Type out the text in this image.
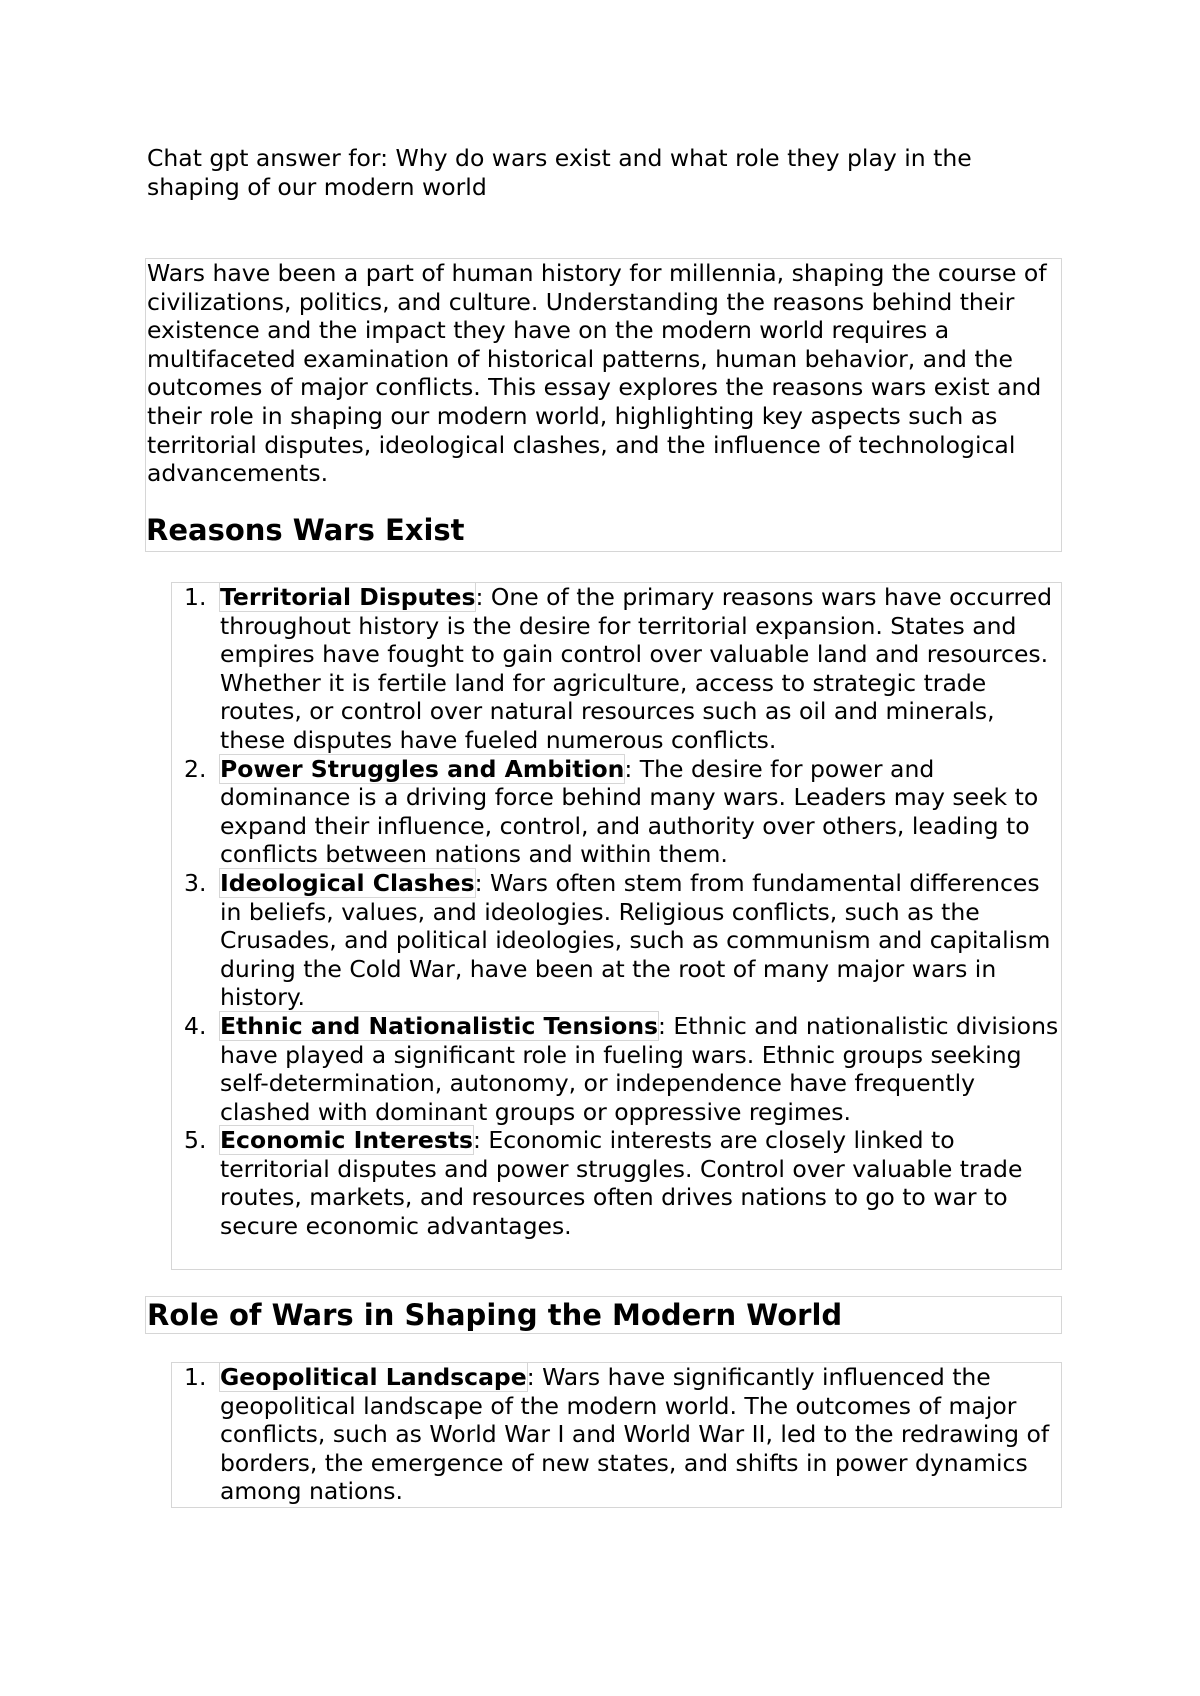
Chat gpt answer for: Why do wars exist and what role they play in the shaping of our modern world

Wars have been a part of human history for millennia, shaping the course of civilizations, politics, and culture. Understanding the reasons behind their existence and the impact they have on the modern world requires a multifaceted examination of historical patterns, human behavior, and the outcomes of major conflicts. This essay explores the reasons wars exist and their role in shaping our modern world, highlighting key aspects such as territorial disputes, ideological clashes, and the influence of technological advancements.

Reasons Wars Exist
1. Territorial Disputes: One of the primary reasons wars have occurred throughout history is the desire for territorial expansion. States and empires have fought to gain control over valuable land and resources. Whether it is fertile land for agriculture, access to strategic trade routes, or control over natural resources such as oil and minerals, these disputes have fueled numerous conflicts.
2. Power Struggles and Ambition: The desire for power and dominance is a driving force behind many wars. Leaders may seek to expand their influence, control, and authority over others, leading to conflicts between nations and within them.
3. Ideological Clashes: Wars often stem from fundamental differences in beliefs, values, and ideologies. Religious conflicts, such as the Crusades, and political ideologies, such as communism and capitalism during the Cold War, have been at the root of many major wars in history.
4. Ethnic and Nationalistic Tensions: Ethnic and nationalistic divisions have played a significant role in fueling wars. Ethnic groups seeking self-determination, autonomy, or independence have frequently clashed with dominant groups or oppressive regimes.
5. Economic Interests: Economic interests are closely linked to territorial disputes and power struggles. Control over valuable trade routes, markets, and resources often drives nations to go to war to secure economic advantages.
Role of Wars in Shaping the Modern World
1. Geopolitical Landscape: Wars have significantly influenced the geopolitical landscape of the modern world. The outcomes of major conflicts, such as World War I and World War II, led to the redrawing of borders, the emergence of new states, and shifts in power dynamics among nations.
